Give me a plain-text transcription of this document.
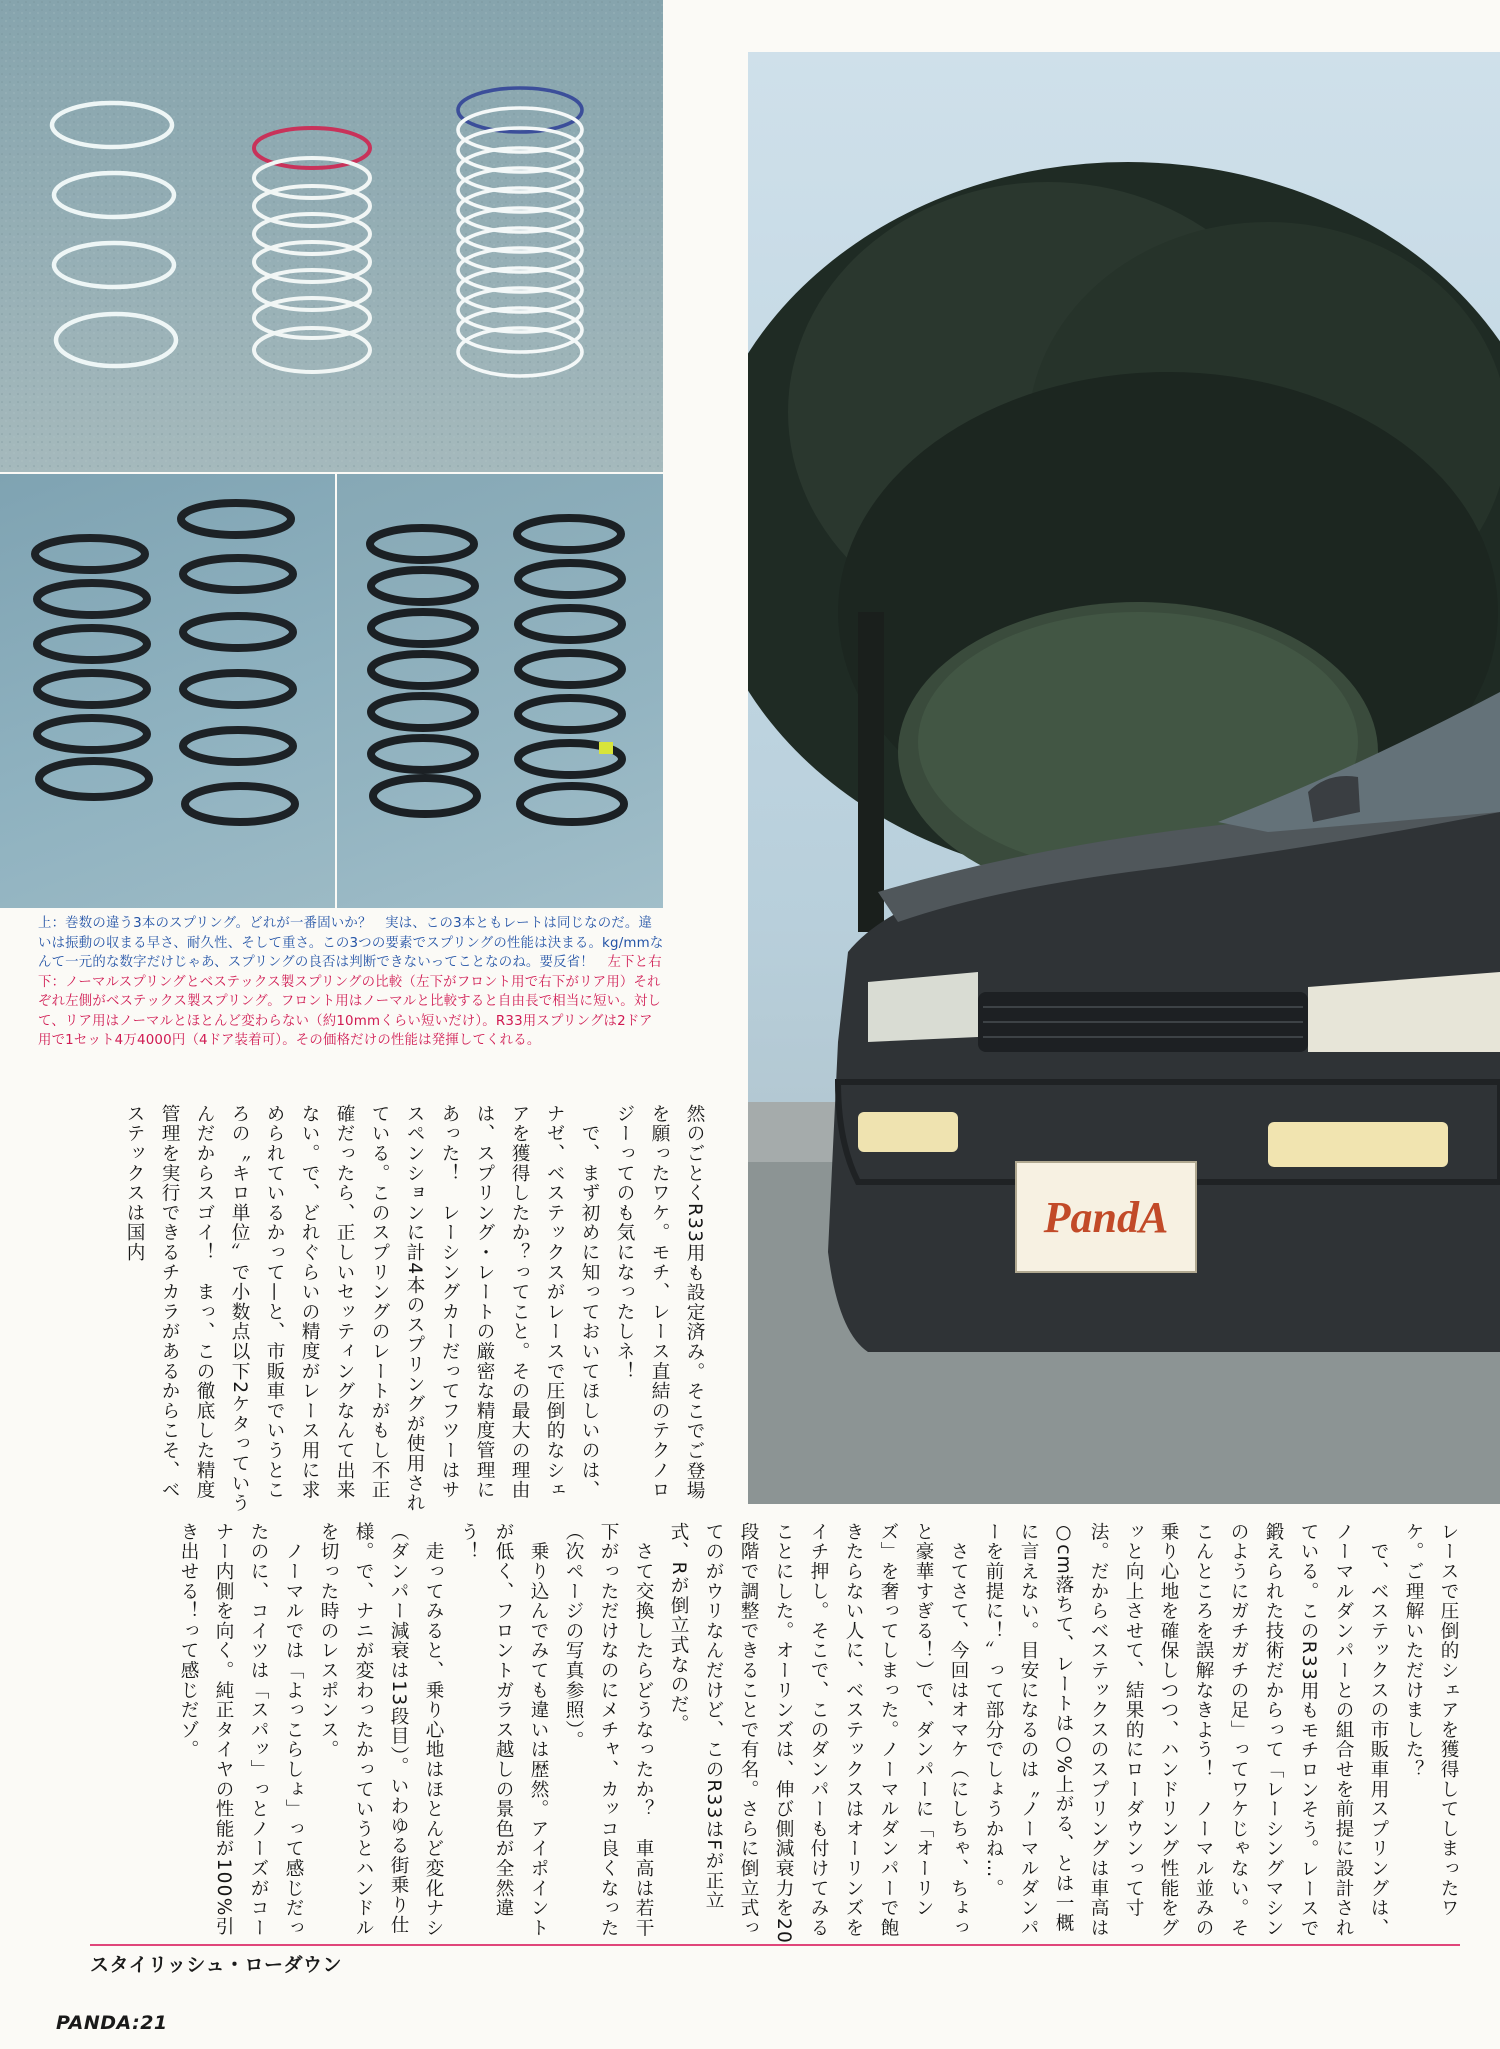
PandA

上：巻数の違う3本のスプリング。どれが一番固いか？　実は、この3本ともレートは同じなのだ。違いは振動の収まる早さ、耐久性、そして重さ。この3つの要素でスプリングの性能は決まる。kg/mmなんて一元的な数字だけじゃあ、スプリングの良否は判断できないってことなのね。要反省！　左下と右下：ノーマルスプリングとベステックス製スプリングの比較（左下がフロント用で右下がリア用）それぞれ左側がベステックス製スプリング。フロント用はノーマルと比較すると自由長で相当に短い。対して、リア用はノーマルとほとんど変わらない（約10mmくらい短いだけ）。R33用スプリングは2ドア用で1セット4万4000円（4ドア装着可）。その価格だけの性能は発揮してくれる。

然のごとくR33用も設定済み。そこでご登場を願ったワケ。モチ、レース直結のテクノロジーってのも気になったしネ！
　で、まず初めに知っておいてほしいのは、ナゼ、ベステックスがレースで圧倒的なシェアを獲得したか？ってこと。その最大の理由は、スプリング・レートの厳密な精度管理にあった！　レーシングカーだってフツーはサスペンションに計4本のスプリングが使用されている。このスプリングのレートがもし不正確だったら、正しいセッティングなんて出来ない。で、どれぐらいの精度がレース用に求められているかって—と、市販車でいうところの〝キロ単位〟で小数点以下2ケタっていうんだからスゴイ！　まっ、この徹底した精度管理を実行できるチカラがあるからこそ、ベステックスは国内

レースで圧倒的シェアを獲得してしまったワケ。ご理解いただけました？
　で、ベステックスの市販車用スプリングは、ノーマルダンパーとの組合せを前提に設計されている。このR33用もモチロンそう。レースで鍛えられた技術だからって「レーシングマシンのようにガチガチの足」ってワケじゃない。そこんところを誤解なきよう！　ノーマル並みの乗り心地を確保しつつ、ハンドリング性能をグッと向上させて、結果的にローダウンって寸法。だからベステックスのスプリングは車高は○cm落ちて、レートは○%上がる、とは一概に言えない。目安になるのは〝ノーマルダンパーを前提に！〟って部分でしょうかね…。
　さてさて、今回はオマケ（にしちゃ、ちょっと豪華すぎる！）で、ダンパーに「オーリンズ」を奢ってしまった。ノーマルダンパーで飽きたらない人に、ベステックスはオーリンズをイチ押し。そこで、このダンパーも付けてみることにした。オーリンズは、伸び側減衰力を20段階で調整できることで有名。さらに倒立式ってのがウリなんだけど、このR33はFが正立式、Rが倒立式なのだ。
　さて交換したらどうなったか？　車高は若干下がっただけなのにメチャ、カッコ良くなった（次ページの写真参照）。
　乗り込んでみても違いは歴然。アイポイントが低く、フロントガラス越しの景色が全然違う！
　走ってみると、乗り心地はほとんど変化ナシ（ダンパー減衰は13段目）。いわゆる街乗り仕様。で、ナニが変わったかっていうとハンドルを切った時のレスポンス。
　ノーマルでは「よっこらしょ」って感じだったのに、コイツは「スパッ」っとノーズがコーナー内側を向く。純正タイヤの性能が100%引き出せる！って感じだゾ。

スタイリッシュ・ローダウン

PANDA:21
